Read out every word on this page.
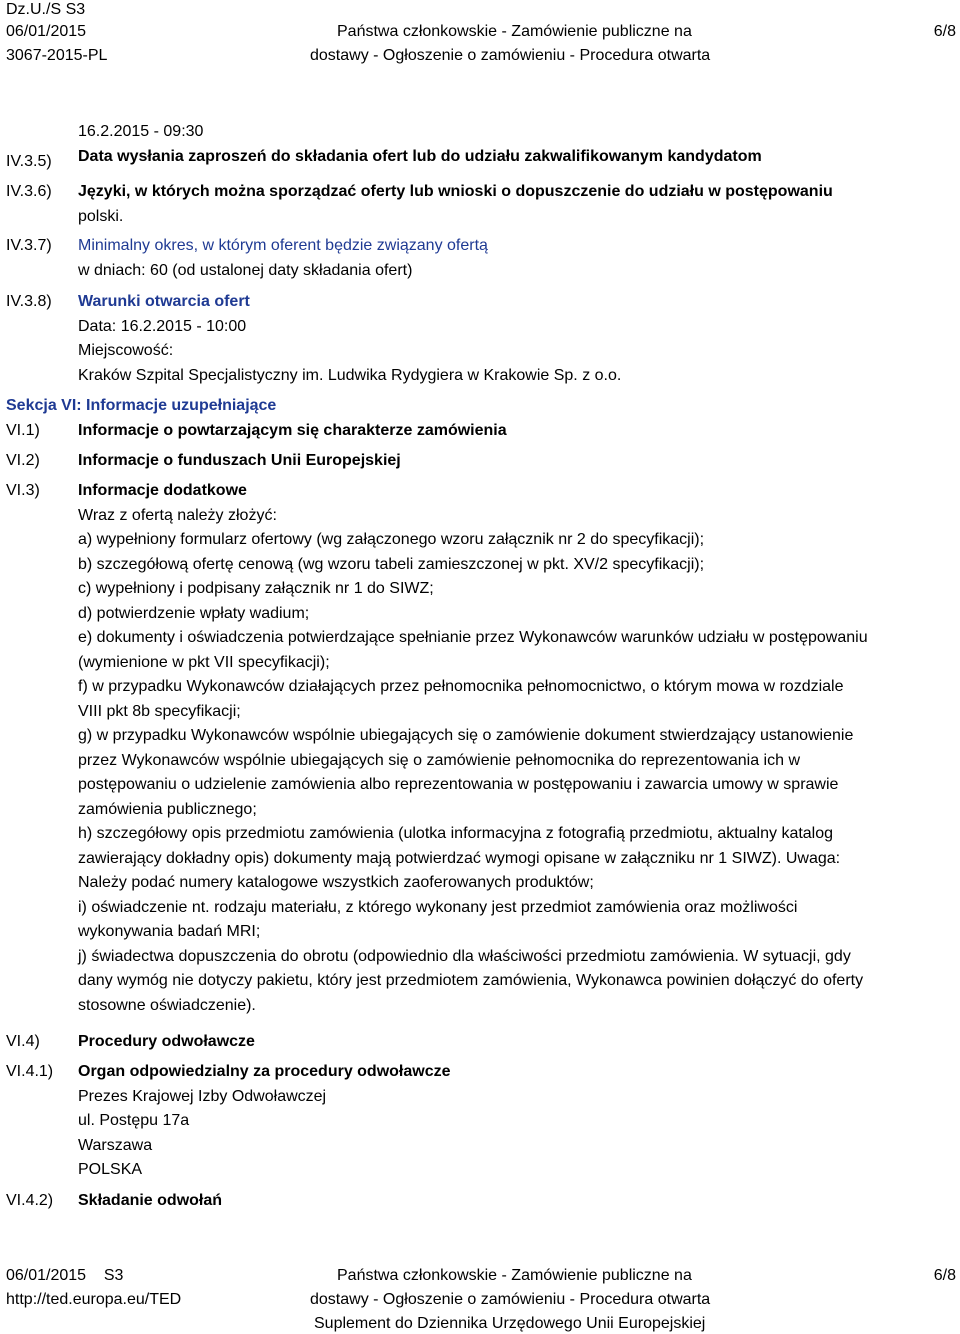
Dz.U./S S3
06/01/2015
3067-2015-PL
Państwa członkowskie - Zamówienie publiczne na
dostawy - Ogłoszenie o zamówieniu - Procedura otwarta
6/8
IV.3.5)
16.2.2015 - 09:30
Data wysłania zaproszeń do składania ofert lub do udziału zakwalifikowanym kandydatom
IV.3.6) Języki, w których można sporządzać oferty lub wnioski o dopuszczenie do udziału w postępowaniu
polski.
IV.3.7) Minimalny okres, w którym oferent będzie związany ofertą
w dniach: 60 (od ustalonej daty składania ofert)
IV.3.8) Warunki otwarcia ofert
Data: 16.2.2015 - 10:00
Miejscowość:
Kraków Szpital Specjalistyczny im. Ludwika Rydygiera w Krakowie Sp. z o.o.
Sekcja VI: Informacje uzupełniające
VI.1) Informacje o powtarzającym się charakterze zamówienia
VI.2) Informacje o funduszach Unii Europejskiej
VI.3) Informacje dodatkowe
Wraz z ofertą należy złożyć:
a) wypełniony formularz ofertowy (wg załączonego wzoru załącznik nr 2 do specyfikacji);
b) szczegółową ofertę cenową (wg wzoru tabeli zamieszczonej w pkt. XV/2 specyfikacji);
c) wypełniony i podpisany załącznik nr 1 do SIWZ;
d) potwierdzenie wpłaty wadium;
e) dokumenty i oświadczenia potwierdzające spełnianie przez Wykonawców warunków udziału w postępowaniu
(wymienione w pkt VII specyfikacji);
f) w przypadku Wykonawców działających przez pełnomocnika pełnomocnictwo, o którym mowa w rozdziale
VIII pkt 8b specyfikacji;
g) w przypadku Wykonawców wspólnie ubiegających się o zamówienie dokument stwierdzający ustanowienie
przez Wykonawców wspólnie ubiegających się o zamówienie pełnomocnika do reprezentowania ich w
postępowaniu o udzielenie zamówienia albo reprezentowania w postępowaniu i zawarcia umowy w sprawie
zamówienia publicznego;
h) szczegółowy opis przedmiotu zamówienia (ulotka informacyjna z fotografią przedmiotu, aktualny katalog
zawierający dokładny opis) dokumenty mają potwierdzać wymogi opisane w załączniku nr 1 SIWZ). Uwaga:
Należy podać numery katalogowe wszystkich zaoferowanych produktów;
i) oświadczenie nt. rodzaju materiału, z którego wykonany jest przedmiot zamówienia oraz możliwości
wykonywania badań MRI;
j) świadectwa dopuszczenia do obrotu (odpowiednio dla właściwości przedmiotu zamówienia. W sytuacji, gdy
dany wymóg nie dotyczy pakietu, który jest przedmiotem zamówienia, Wykonawca powinien dołączyć do oferty
stosowne oświadczenie).
VI.4) Procedury odwoławcze
VI.4.1) Organ odpowiedzialny za procedury odwoławcze
Prezes Krajowej Izby Odwoławczej
ul. Postępu 17a
Warszawa
POLSKA
VI.4.2) Składanie odwołań
06/01/2015    S3
http://ted.europa.eu/TED
Państwa członkowskie - Zamówienie publiczne na
dostawy - Ogłoszenie o zamówieniu - Procedura otwarta
Suplement do Dziennika Urzędowego Unii Europejskiej
6/8
